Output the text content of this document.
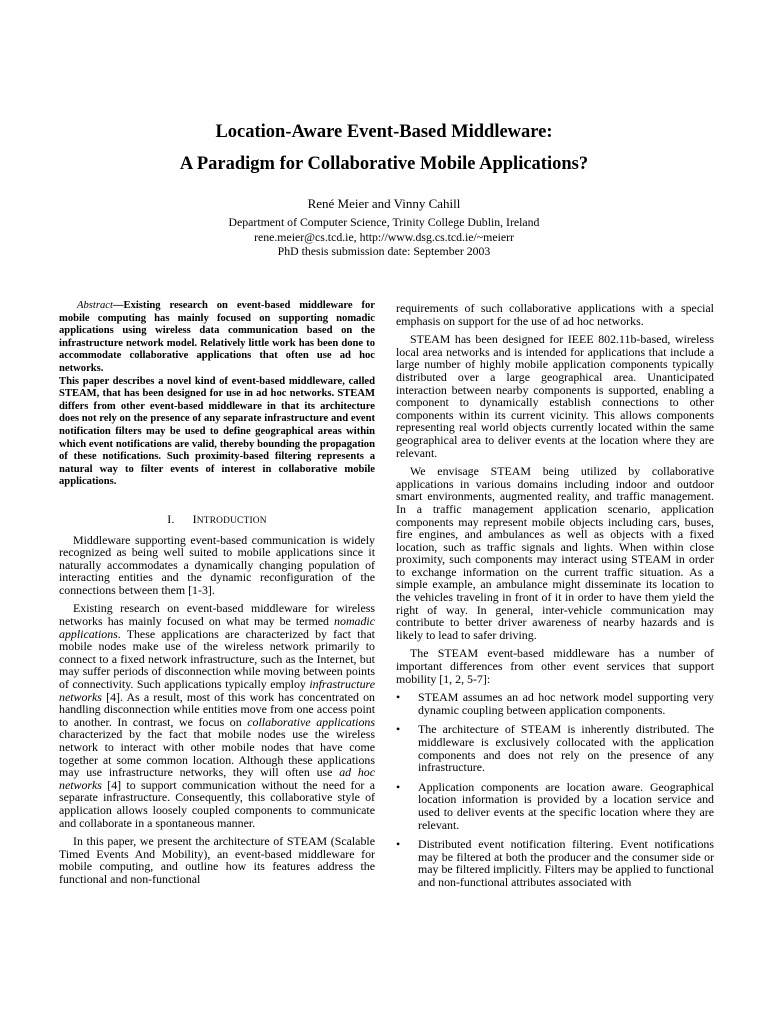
Location-Aware Event-Based Middleware:
A Paradigm for Collaborative Mobile Applications?
René Meier and Vinny Cahill
Department of Computer Science, Trinity College Dublin, Ireland
rene.meier@cs.tcd.ie, http://www.dsg.cs.tcd.ie/~meierr
PhD thesis submission date: September 2003

Abstract—Existing research on event-based middleware for mobile computing has mainly focused on supporting nomadic applications using wireless data communication based on the infrastructure network model. Relatively little work has been done to accommodate collaborative applications that often use ad hoc networks.

This paper describes a novel kind of event-based middleware, called STEAM, that has been designed for use in ad hoc networks. STEAM differs from other event-based middleware in that its architecture does not rely on the presence of any separate infrastructure and event notification filters may be used to define geographical areas within which event notifications are valid, thereby bounding the propagation of these notifications. Such proximity-based filtering represents a natural way to filter events of interest in collaborative mobile applications.

I. INTRODUCTION

Middleware supporting event-based communication is widely recognized as being well suited to mobile applications since it naturally accommodates a dynamically changing population of interacting entities and the dynamic reconfiguration of the connections between them [1-3].

Existing research on event-based middleware for wireless networks has mainly focused on what may be termed nomadic applications. These applications are characterized by fact that mobile nodes make use of the wireless network primarily to connect to a fixed network infrastructure, such as the Internet, but may suffer periods of disconnection while moving between points of connectivity. Such applications typically employ infrastructure networks [4]. As a result, most of this work has concentrated on handling disconnection while entities move from one access point to another. In contrast, we focus on collaborative applications characterized by the fact that mobile nodes use the wireless network to interact with other mobile nodes that have come together at some common location. Although these applications may use infrastructure networks, they will often use ad hoc networks [4] to support communication without the need for a separate infrastructure. Consequently, this collaborative style of application allows loosely coupled components to communicate and collaborate in a spontaneous manner.

In this paper, we present the architecture of STEAM (Scalable Timed Events And Mobility), an event-based middleware for mobile computing, and outline how its features address the functional and non-functional

requirements of such collaborative applications with a special emphasis on support for the use of ad hoc networks.

STEAM has been designed for IEEE 802.11b-based, wireless local area networks and is intended for applications that include a large number of highly mobile application components typically distributed over a large geographical area. Unanticipated interaction between nearby components is supported, enabling a component to dynamically establish connections to other components within its current vicinity. This allows components representing real world objects currently located within the same geographical area to deliver events at the location where they are relevant.

We envisage STEAM being utilized by collaborative applications in various domains including indoor and outdoor smart environments, augmented reality, and traffic management. In a traffic management application scenario, application components may represent mobile objects including cars, buses, fire engines, and ambulances as well as objects with a fixed location, such as traffic signals and lights. When within close proximity, such components may interact using STEAM in order to exchange information on the current traffic situation. As a simple example, an ambulance might disseminate its location to the vehicles traveling in front of it in order to have them yield the right of way. In general, inter-vehicle communication may contribute to better driver awareness of nearby hazards and is likely to lead to safer driving.

The STEAM event-based middleware has a number of important differences from other event services that support mobility [1, 2, 5-7]:

• STEAM assumes an ad hoc network model supporting very dynamic coupling between application components.
• The architecture of STEAM is inherently distributed. The middleware is exclusively collocated with the application components and does not rely on the presence of any infrastructure.
• Application components are location aware. Geographical location information is provided by a location service and used to deliver events at the specific location where they are relevant.
• Distributed event notification filtering. Event notifications may be filtered at both the producer and the consumer side or may be filtered implicitly. Filters may be applied to functional and non-functional attributes associated with
